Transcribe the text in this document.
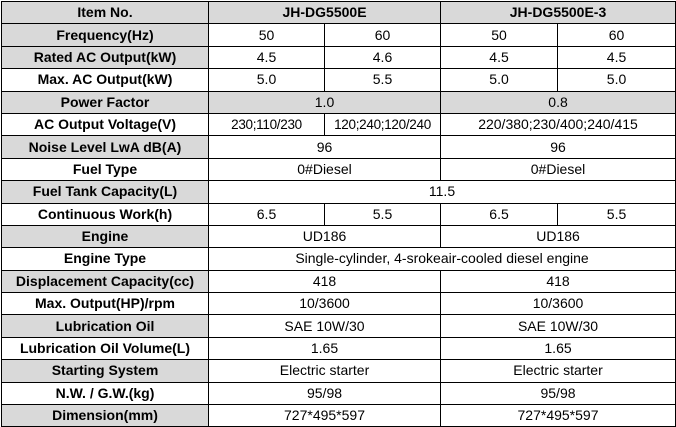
Item No.	JH-DG5500E		JH-DG5500E-3	
Frequency(Hz)	50	60	50	60
Rated AC Output(kW)	4.5	4.6	4.5	4.5
Max. AC Output(kW)	5.0	5.5	5.0	5.0
Power Factor	1.0		0.8	
AC Output Voltage(V)	230;110/230	120;240;120/240	220/380;230/400;240/415	
Noise Level LwA dB(A)	96		96	
Fuel Type	0#Diesel		0#Diesel	
Fuel Tank Capacity(L)	11.5			
Continuous Work(h)	6.5	5.5	6.5	5.5
Engine	UD186		UD186	
Engine Type	Single-cylinder, 4-srokeair-cooled diesel engine			
Displacement Capacity(cc)	418		418	
Max. Output(HP)/rpm	10/3600		10/3600	
Lubrication Oil	SAE 10W/30		SAE 10W/30	
Lubrication Oil Volume(L)	1.65		1.65	
Starting System	Electric starter		Electric starter	
N.W. / G.W.(kg)	95/98		95/98	
Dimension(mm)	727*495*597		727*495*597	
